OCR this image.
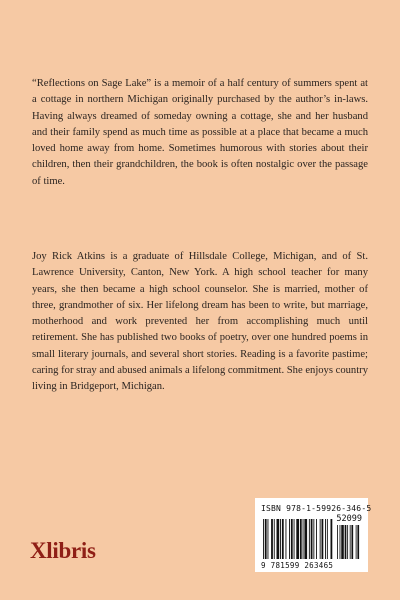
“Reflections on Sage Lake” is a memoir of a half century of summers spent at a cottage in northern Michigan originally purchased by the author’s in-laws. Having always dreamed of someday owning a cottage, she and her husband and their family spend as much time as possible at a place that became a much loved home away from home. Sometimes humorous with stories about their children, then their grandchildren, the book is often nostalgic over the passage of time.

Joy Rick Atkins is a graduate of Hillsdale College, Michigan, and of St. Lawrence University, Canton, New York. A high school teacher for many years, she then became a high school counselor. She is married, mother of three, grandmother of six. Her lifelong dream has been to write, but marriage, motherhood and work prevented her from accomplishing much until retirement. She has published two books of poetry, over one hundred poems in small literary journals, and several short stories. Reading is a favorite pastime; caring for stray and abused animals a lifelong commitment. She enjoys country living in Bridgeport, Michigan.

ISBN 978-1-59926-346-5
52099
9 781599 263465
Xlibris
